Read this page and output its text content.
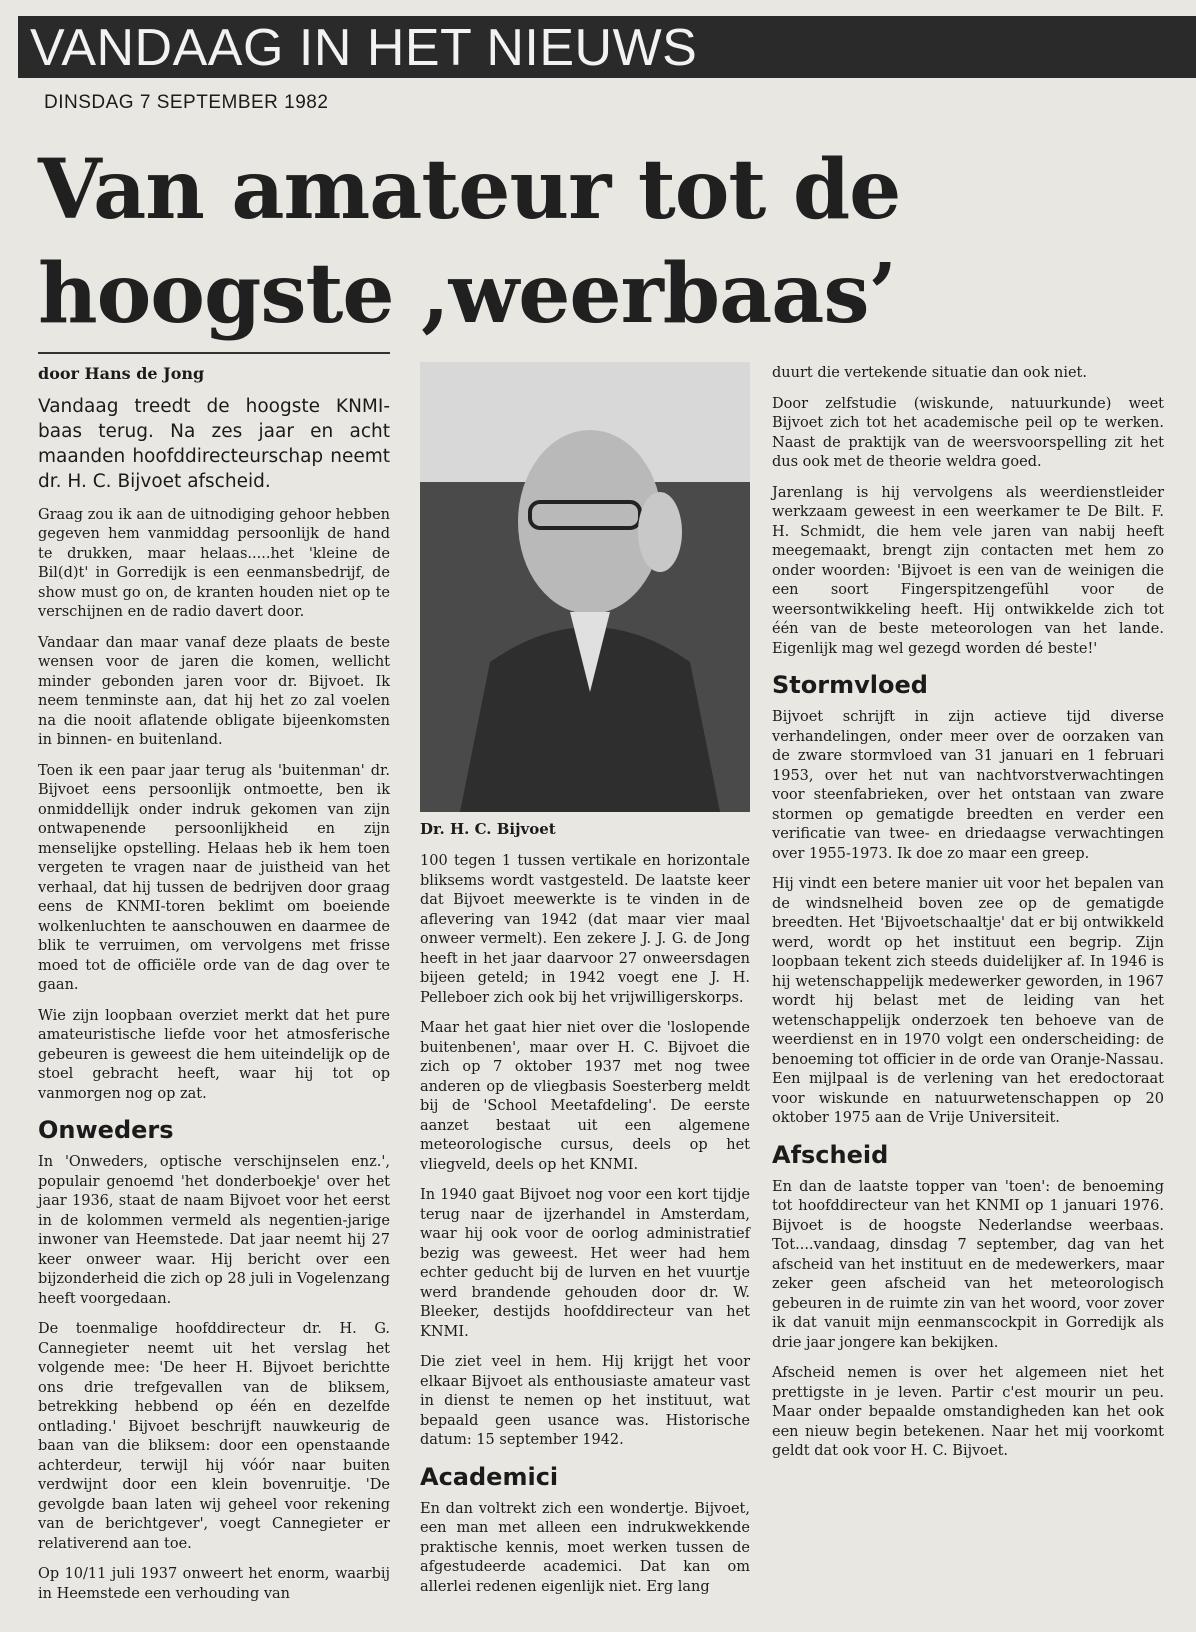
VANDAAG IN HET NIEUWS
DINSDAG 7 SEPTEMBER 1982
Van amateur tot de
hoogste ,weerbaas’
door Hans de Jong
Vandaag treedt de hoogste KNMI-baas terug. Na zes jaar en acht maanden hoofddirecteurschap neemt dr. H. C. Bijvoet afscheid.

Graag zou ik aan de uitnodiging gehoor hebben gegeven hem vanmiddag persoonlijk de hand te drukken, maar helaas.....het 'kleine de Bil(d)t' in Gorredijk is een eenmansbedrijf, de show must go on, de kranten houden niet op te verschijnen en de radio davert door.

Vandaar dan maar vanaf deze plaats de beste wensen voor de jaren die komen, wellicht minder gebonden jaren voor dr. Bijvoet. Ik neem tenminste aan, dat hij het zo zal voelen na die nooit aflatende obligate bijeenkomsten in binnen- en buitenland.

Toen ik een paar jaar terug als 'buitenman' dr. Bijvoet eens persoonlijk ontmoette, ben ik onmiddellijk onder indruk gekomen van zijn ontwapenende persoonlijkheid en zijn menselijke opstelling. Helaas heb ik hem toen vergeten te vragen naar de juistheid van het verhaal, dat hij tussen de bedrijven door graag eens de KNMI-toren beklimt om boeiende wolkenluchten te aanschouwen en daarmee de blik te verruimen, om vervolgens met frisse moed tot de officiële orde van de dag over te gaan.

Wie zijn loopbaan overziet merkt dat het pure amateuristische liefde voor het atmosferische gebeuren is geweest die hem uiteindelijk op de stoel gebracht heeft, waar hij tot op vanmorgen nog op zat.

Onweders

In 'Onweders, optische verschijnselen enz.', populair genoemd 'het donderboekje' over het jaar 1936, staat de naam Bijvoet voor het eerst in de kolommen vermeld als negentien-jarige inwoner van Heemstede. Dat jaar neemt hij 27 keer onweer waar. Hij bericht over een bijzonderheid die zich op 28 juli in Vogelenzang heeft voorgedaan.

De toenmalige hoofddirecteur dr. H. G. Cannegieter neemt uit het verslag het volgende mee: 'De heer H. Bijvoet berichtte ons drie trefgevallen van de bliksem, betrekking hebbend op één en dezelfde ontlading.' Bijvoet beschrijft nauwkeurig de baan van die bliksem: door een openstaande achterdeur, terwijl hij vóór naar buiten verdwijnt door een klein bovenruitje. 'De gevolgde baan laten wij geheel voor rekening van de berichtgever', voegt Cannegieter er relativerend aan toe.

Op 10/11 juli 1937 onweert het enorm, waarbij in Heemstede een verhouding van

Dr. H. C. Bijvoet

100 tegen 1 tussen vertikale en horizontale bliksems wordt vastgesteld. De laatste keer dat Bijvoet meewerkte is te vinden in de aflevering van 1942 (dat maar vier maal onweer vermelt). Een zekere J. J. G. de Jong heeft in het jaar daarvoor 27 onweersdagen bijeen geteld; in 1942 voegt ene J. H. Pelleboer zich ook bij het vrijwilligerskorps.

Maar het gaat hier niet over die 'loslopende buitenbenen', maar over H. C. Bijvoet die zich op 7 oktober 1937 met nog twee anderen op de vliegbasis Soesterberg meldt bij de 'School Meetafdeling'. De eerste aanzet bestaat uit een algemene meteorologische cursus, deels op het vliegveld, deels op het KNMI.

In 1940 gaat Bijvoet nog voor een kort tijdje terug naar de ijzerhandel in Amsterdam, waar hij ook voor de oorlog administratief bezig was geweest. Het weer had hem echter geducht bij de lurven en het vuurtje werd brandende gehouden door dr. W. Bleeker, destijds hoofddirecteur van het KNMI.

Die ziet veel in hem. Hij krijgt het voor elkaar Bijvoet als enthousiaste amateur vast in dienst te nemen op het instituut, wat bepaald geen usance was. Historische datum: 15 september 1942.

Academici

En dan voltrekt zich een wondertje. Bijvoet, een man met alleen een indrukwekkende praktische kennis, moet werken tussen de afgestudeerde academici. Dat kan om allerlei redenen eigenlijk niet. Erg lang

duurt die vertekende situatie dan ook niet.

Door zelfstudie (wiskunde, natuurkunde) weet Bijvoet zich tot het academische peil op te werken. Naast de praktijk van de weersvoorspelling zit het dus ook met de theorie weldra goed.

Jarenlang is hij vervolgens als weerdienstleider werkzaam geweest in een weerkamer te De Bilt. F. H. Schmidt, die hem vele jaren van nabij heeft meegemaakt, brengt zijn contacten met hem zo onder woorden: 'Bijvoet is een van de weinigen die een soort Fingerspitzengefühl voor de weersontwikkeling heeft. Hij ontwikkelde zich tot één van de beste meteorologen van het lande. Eigenlijk mag wel gezegd worden dé beste!'

Stormvloed

Bijvoet schrijft in zijn actieve tijd diverse verhandelingen, onder meer over de oorzaken van de zware stormvloed van 31 januari en 1 februari 1953, over het nut van nachtvorstverwachtingen voor steenfabrieken, over het ontstaan van zware stormen op gematigde breedten en verder een verificatie van twee- en driedaagse verwachtingen over 1955-1973. Ik doe zo maar een greep.

Hij vindt een betere manier uit voor het bepalen van de windsnelheid boven zee op de gematigde breedten. Het 'Bijvoetschaaltje' dat er bij ontwikkeld werd, wordt op het instituut een begrip. Zijn loopbaan tekent zich steeds duidelijker af. In 1946 is hij wetenschappelijk medewerker geworden, in 1967 wordt hij belast met de leiding van het wetenschappelijk onderzoek ten behoeve van de weerdienst en in 1970 volgt een onderscheiding: de benoeming tot officier in de orde van Oranje-Nassau. Een mijlpaal is de verlening van het eredoctoraat voor wiskunde en natuurwetenschappen op 20 oktober 1975 aan de Vrije Universiteit.

Afscheid

En dan de laatste topper van 'toen': de benoeming tot hoofddirecteur van het KNMI op 1 januari 1976. Bijvoet is de hoogste Nederlandse weerbaas. Tot....vandaag, dinsdag 7 september, dag van het afscheid van het instituut en de medewerkers, maar zeker geen afscheid van het meteorologisch gebeuren in de ruimte zin van het woord, voor zover ik dat vanuit mijn eenmanscockpit in Gorredijk als drie jaar jongere kan bekijken.

Afscheid nemen is over het algemeen niet het prettigste in je leven. Partir c'est mourir un peu. Maar onder bepaalde omstandigheden kan het ook een nieuw begin betekenen. Naar het mij voorkomt geldt dat ook voor H. C. Bijvoet.
